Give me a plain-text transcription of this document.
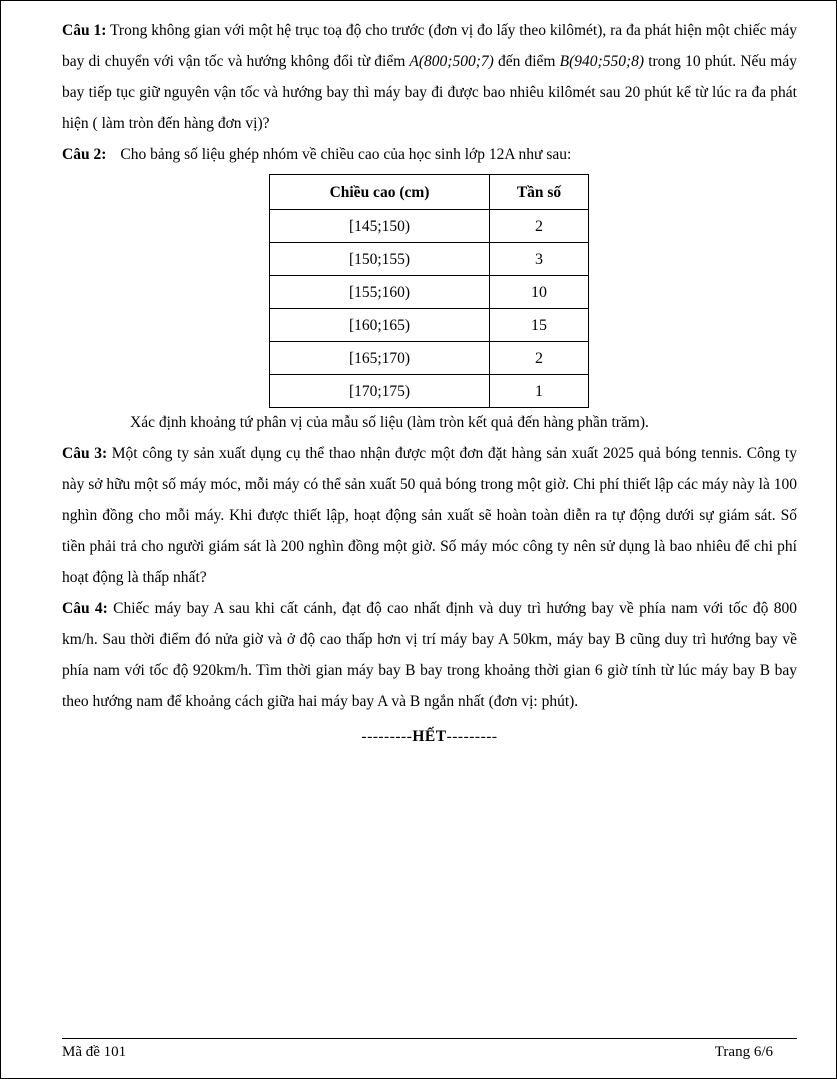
Câu 1: Trong không gian với một hệ trục toạ độ cho trước (đơn vị đo lấy theo kilômét), ra đa phát hiện một chiếc máy bay di chuyển với vận tốc và hướng không đổi từ điểm A(800;500;7) đến điểm B(940;550;8) trong 10 phút. Nếu máy bay tiếp tục giữ nguyên vận tốc và hướng bay thì máy bay đi được bao nhiêu kilômét sau 20 phút kể từ lúc ra đa phát hiện ( làm tròn đến hàng đơn vị)?

Câu 2: Cho bảng số liệu ghép nhóm về chiều cao của học sinh lớp 12A như sau:

Chiều cao (cm)	Tần số
[145;150)	2
[150;155)	3
[155;160)	10
[160;165)	15
[165;170)	2
[170;175)	1

Xác định khoảng tứ phân vị của mẫu số liệu (làm tròn kết quả đến hàng phần trăm).

Câu 3: Một công ty sản xuất dụng cụ thể thao nhận được một đơn đặt hàng sản xuất 2025 quả bóng tennis. Công ty này sở hữu một số máy móc, mỗi máy có thể sản xuất 50 quả bóng trong một giờ. Chi phí thiết lập các máy này là 100 nghìn đồng cho mỗi máy. Khi được thiết lập, hoạt động sản xuất sẽ hoàn toàn diễn ra tự động dưới sự giám sát. Số tiền phải trả cho người giám sát là 200 nghìn đồng một giờ. Số máy móc công ty nên sử dụng là bao nhiêu để chi phí hoạt động là thấp nhất?

Câu 4: Chiếc máy bay A sau khi cất cánh, đạt độ cao nhất định và duy trì hướng bay về phía nam với tốc độ 800 km/h. Sau thời điểm đó nửa giờ và ở độ cao thấp hơn vị trí máy bay A 50km, máy bay B cũng duy trì hướng bay về phía nam với tốc độ 920km/h. Tìm thời gian máy bay B bay trong khoảng thời gian 6 giờ tính từ lúc máy bay B bay theo hướng nam để khoảng cách giữa hai máy bay A và B ngắn nhất (đơn vị: phút).

---------HẾT---------

Mã đề 101	Trang 6/6
